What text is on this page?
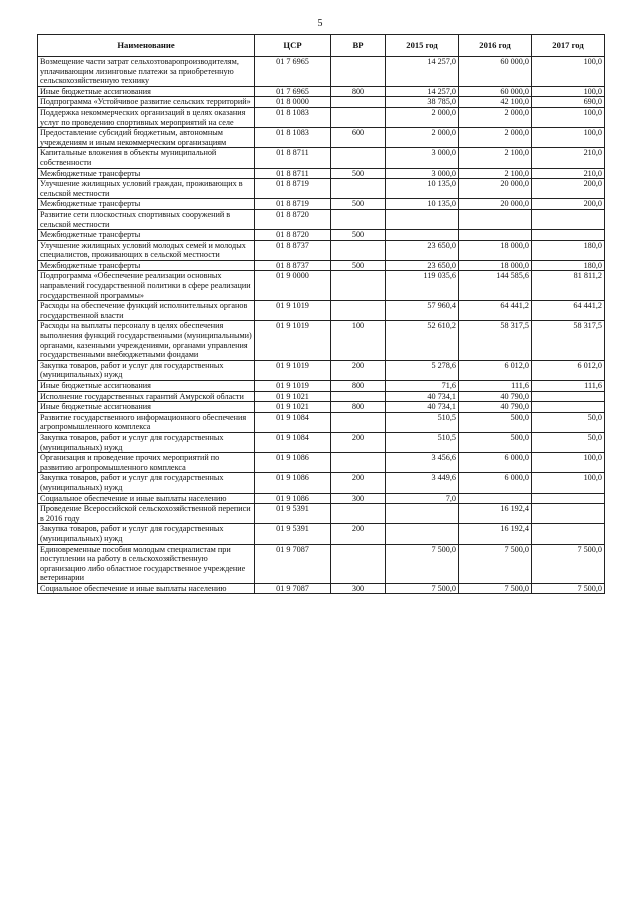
5
Наименование	ЦСР	ВР	2015 год	2016 год	2017 год
Возмещение части затрат сельхозтоваропроизводителям, уплачивающим лизинговые платежи за приобретенную сельскохозяйственную технику	01 7 6965		14 257,0	60 000,0	100,0
Иные бюджетные ассигнования	01 7 6965	800	14 257,0	60 000,0	100,0
Подпрограмма «Устойчивое развитие сельских территорий»	01 8 0000		38 785,0	42 100,0	690,0
Поддержка некоммерческих организаций в целях оказания услуг по проведению спортивных мероприятий на селе	01 8 1083		2 000,0	2 000,0	100,0
Предоставление субсидий бюджетным, автономным учреждениям и иным некоммерческим организациям	01 8 1083	600	2 000,0	2 000,0	100,0
Капитальные вложения в объекты муниципальной собственности	01 8 8711		3 000,0	2 100,0	210,0
Межбюджетные трансферты	01 8 8711	500	3 000,0	2 100,0	210,0
Улучшение жилищных условий граждан, проживающих в сельской местности	01 8 8719		10 135,0	20 000,0	200,0
Межбюджетные трансферты	01 8 8719	500	10 135,0	20 000,0	200,0
Развитие сети плоскостных спортивных сооружений в сельской местности	01 8 8720				
Межбюджетные трансферты	01 8 8720	500			
Улучшение жилищных условий молодых семей и молодых специалистов, проживающих в сельской местности	01 8 8737		23 650,0	18 000,0	180,0
Межбюджетные трансферты	01 8 8737	500	23 650,0	18 000,0	180,0
Подпрограмма «Обеспечение реализации основных направлений государственной политики в сфере реализации государственной программы»	01 9 0000		119 035,6	144 585,6	81 811,2
Расходы на обеспечение функций исполнительных органов государственной власти	01 9 1019		57 960,4	64 441,2	64 441,2
Расходы на выплаты персоналу в целях обеспечения выполнения функций государственными (муниципальными) органами, казенными учреждениями, органами управления государственными внебюджетными фондами	01 9 1019	100	52 610,2	58 317,5	58 317,5
Закупка товаров, работ и услуг для государственных (муниципальных) нужд	01 9 1019	200	5 278,6	6 012,0	6 012,0
Иные бюджетные ассигнования	01 9 1019	800	71,6	111,6	111,6
Исполнение государственных гарантий Амурской области	01 9 1021		40 734,1	40 790,0	
Иные бюджетные ассигнования	01 9 1021	800	40 734,1	40 790,0	
Развитие государственного информационного обеспечения агропромышленного комплекса	01 9 1084		510,5	500,0	50,0
Закупка товаров, работ и услуг для государственных (муниципальных) нужд	01 9 1084	200	510,5	500,0	50,0
Организация и проведение прочих мероприятий по развитию агропромышленного комплекса	01 9 1086		3 456,6	6 000,0	100,0
Закупка товаров, работ и услуг для государственных (муниципальных) нужд	01 9 1086	200	3 449,6	6 000,0	100,0
Социальное обеспечение и иные выплаты населению	01 9 1086	300	7,0		
Проведение Всероссийской сельскохозяйственной переписи в 2016 году	01 9 5391			16 192,4	
Закупка товаров, работ и услуг для государственных (муниципальных) нужд	01 9 5391	200		16 192,4	
Единовременные пособия молодым специалистам при поступлении на работу в сельскохозяйственную организацию либо областное государственное учреждение ветеринарии	01 9 7087		7 500,0	7 500,0	7 500,0
Социальное обеспечение и иные выплаты населению	01 9 7087	300	7 500,0	7 500,0	7 500,0
